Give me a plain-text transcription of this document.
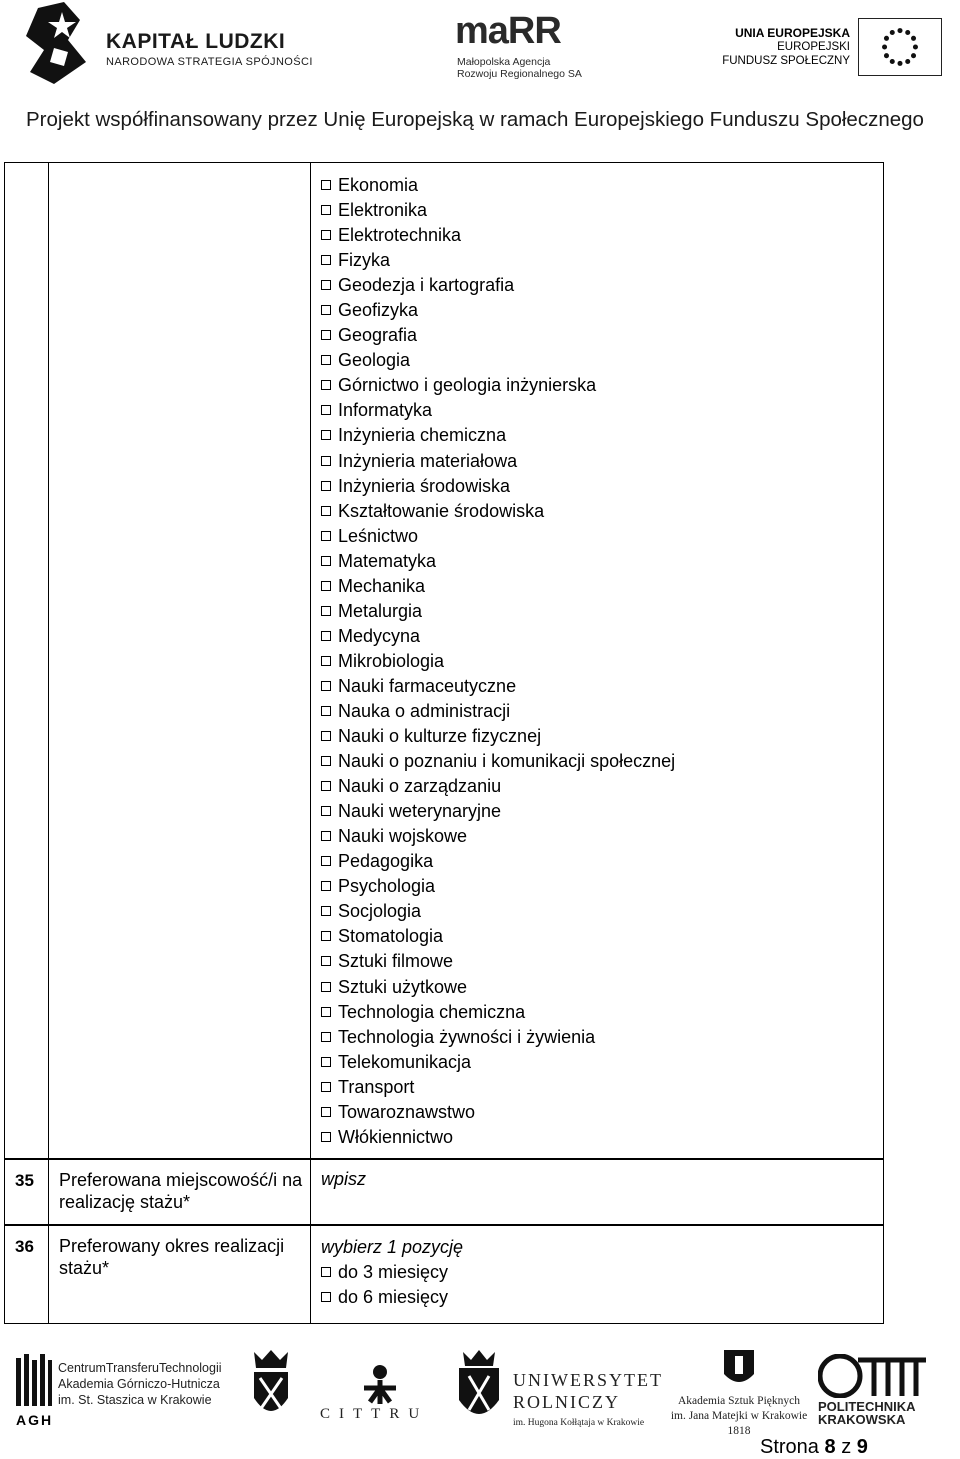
KAPITAŁ LUDZKI
NARODOWA STRATEGIA SPÓJNOŚCI
maRR
Małopolska Agencja
Rozwoju Regionalnego SA
UNIA EUROPEJSKA
EUROPEJSKI
FUNDUSZ SPOŁECZNY
Projekt współfinansowany przez Unię Europejską w ramach Europejskiego Funduszu Społecznego
Ekonomia
Elektronika
Elektrotechnika
Fizyka
Geodezja i kartografia
Geofizyka
Geografia
Geologia
Górnictwo i geologia inżynierska
Informatyka
Inżynieria chemiczna
Inżynieria materiałowa
Inżynieria środowiska
Kształtowanie środowiska
Leśnictwo
Matematyka
Mechanika
Metalurgia
Medycyna
Mikrobiologia
Nauki farmaceutyczne
Nauka o administracji
Nauki o kulturze fizycznej
Nauki o poznaniu i komunikacji społecznej
Nauki o zarządzaniu
Nauki weterynaryjne
Nauki wojskowe
Pedagogika
Psychologia
Socjologia
Stomatologia
Sztuki filmowe
Sztuki użytkowe
Technologia chemiczna
Technologia żywności i żywienia
Telekomunikacja
Transport
Towaroznawstwo
Włókiennictwo
35 Preferowana miejscowość/i na realizację stażu*
wpisz
36 Preferowany okres realizacji stażu*
wybierz 1 pozycję
do 3 miesięcy
do 6 miesięcy
AGH
CentrumTransferuTechnologii
Akademia Górniczo-Hutnicza
im. St. Staszica w Krakowie
CITTRU
UNIWERSYTET
ROLNICZY
im. Hugona Kołłątaja w Krakowie
Akademia Sztuk Pięknych
im. Jana Matejki w Krakowie
1818
POLITECHNIKA
KRAKOWSKA
Strona 8 z 9
